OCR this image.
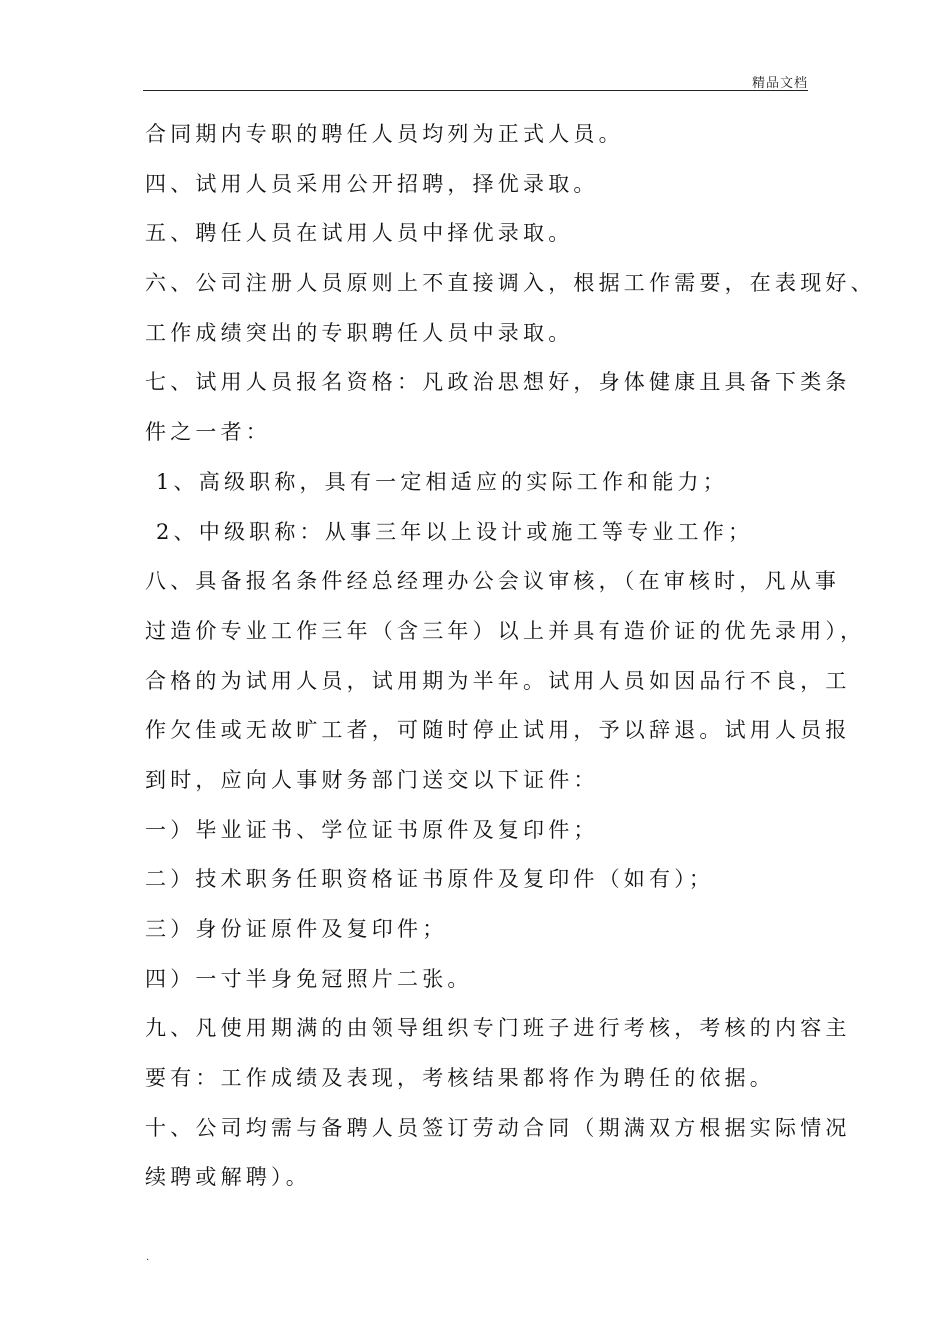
精品文档
合同期内专职的聘任人员均列为正式人员。
四、试用人员采用公开招聘，择优录取。
五、聘任人员在试用人员中择优录取。
六、公司注册人员原则上不直接调入，根据工作需要，在表现好、
工作成绩突出的专职聘任人员中录取。
七、试用人员报名资格：凡政治思想好，身体健康且具备下类条
件之一者：
1、高级职称，具有一定相适应的实际工作和能力；
2、中级职称：从事三年以上设计或施工等专业工作；
八、具备报名条件经总经理办公会议审核，（在审核时，凡从事
过造价专业工作三年（含三年）以上并具有造价证的优先录用），
合格的为试用人员，试用期为半年。试用人员如因品行不良，工
作欠佳或无故旷工者，可随时停止试用，予以辞退。试用人员报
到时，应向人事财务部门送交以下证件：
一）毕业证书、学位证书原件及复印件；
二）技术职务任职资格证书原件及复印件（如有）；
三）身份证原件及复印件；
四）一寸半身免冠照片二张。
九、凡使用期满的由领导组织专门班子进行考核，考核的内容主
要有：工作成绩及表现，考核结果都将作为聘任的依据。
十、公司均需与备聘人员签订劳动合同（期满双方根据实际情况
续聘或解聘）。
.
